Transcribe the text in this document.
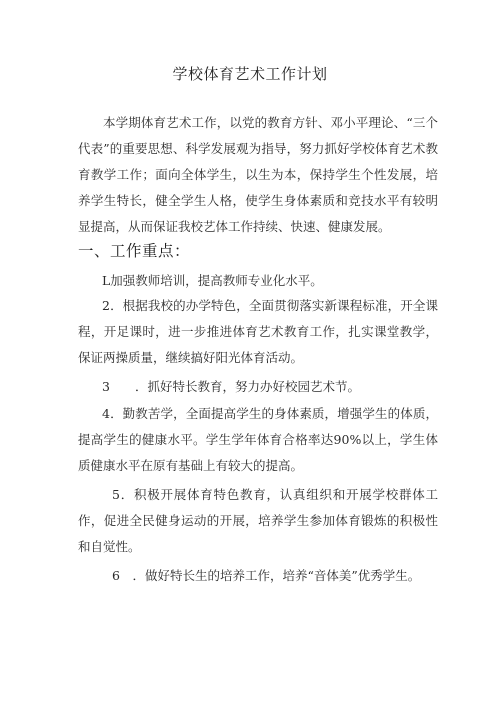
学校体育艺术工作计划

本学期体育艺术工作，以党的教育方针、邓小平理论、“三个代表”的重要思想、科学发展观为指导，努力抓好学校体育艺术教育教学工作；面向全体学生，以生为本，保持学生个性发展，培养学生特长，健全学生人格，使学生身体素质和竞技水平有较明显提高，从而保证我校艺体工作持续、快速、健康发展。

一、工作重点：

L加强教师培训，提高教师专业化水平。

2．根据我校的办学特色，全面贯彻落实新课程标准，开全课程，开足课时，进一步推进体育艺术教育工作，扎实课堂教学，保证两操质量，继续搞好阳光体育活动。

3　　．抓好特长教育，努力办好校园艺术节。

4．勤教苦学，全面提高学生的身体素质，增强学生的体质，提高学生的健康水平。学生学年体育合格率达90%以上，学生体质健康水平在原有基础上有较大的提高。

5．积极开展体育特色教育，认真组织和开展学校群体工作，促进全民健身运动的开展，培养学生参加体育锻炼的积极性和自觉性。

6　．做好特长生的培养工作，培养“音体美”优秀学生。
